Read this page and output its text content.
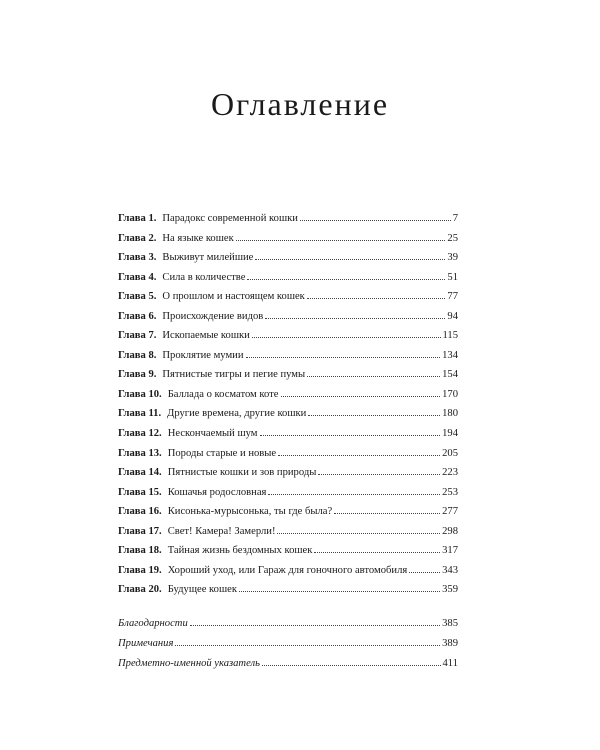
Оглавление
Глава 1. Парадокс современной кошки	7
Глава 2. На языке кошек	25
Глава 3. Выживут милейшие	39
Глава 4. Сила в количестве	51
Глава 5. О прошлом и настоящем кошек	77
Глава 6. Происхождение видов	94
Глава 7. Ископаемые кошки	115
Глава 8. Проклятие мумии	134
Глава 9. Пятнистые тигры и пегие пумы	154
Глава 10. Баллада о косматом коте	170
Глава 11. Другие времена, другие кошки	180
Глава 12. Нескончаемый шум	194
Глава 13. Породы старые и новые	205
Глава 14. Пятнистые кошки и зов природы	223
Глава 15. Кошачья родословная	253
Глава 16. Кисонька-мурысонька, ты где была?	277
Глава 17. Свет! Камера! Замерли!	298
Глава 18. Тайная жизнь бездомных кошек	317
Глава 19. Хороший уход, или Гараж для гоночного автомобиля	343
Глава 20. Будущее кошек	359
Благодарности	385
Примечания	389
Предметно-именной указатель	411
